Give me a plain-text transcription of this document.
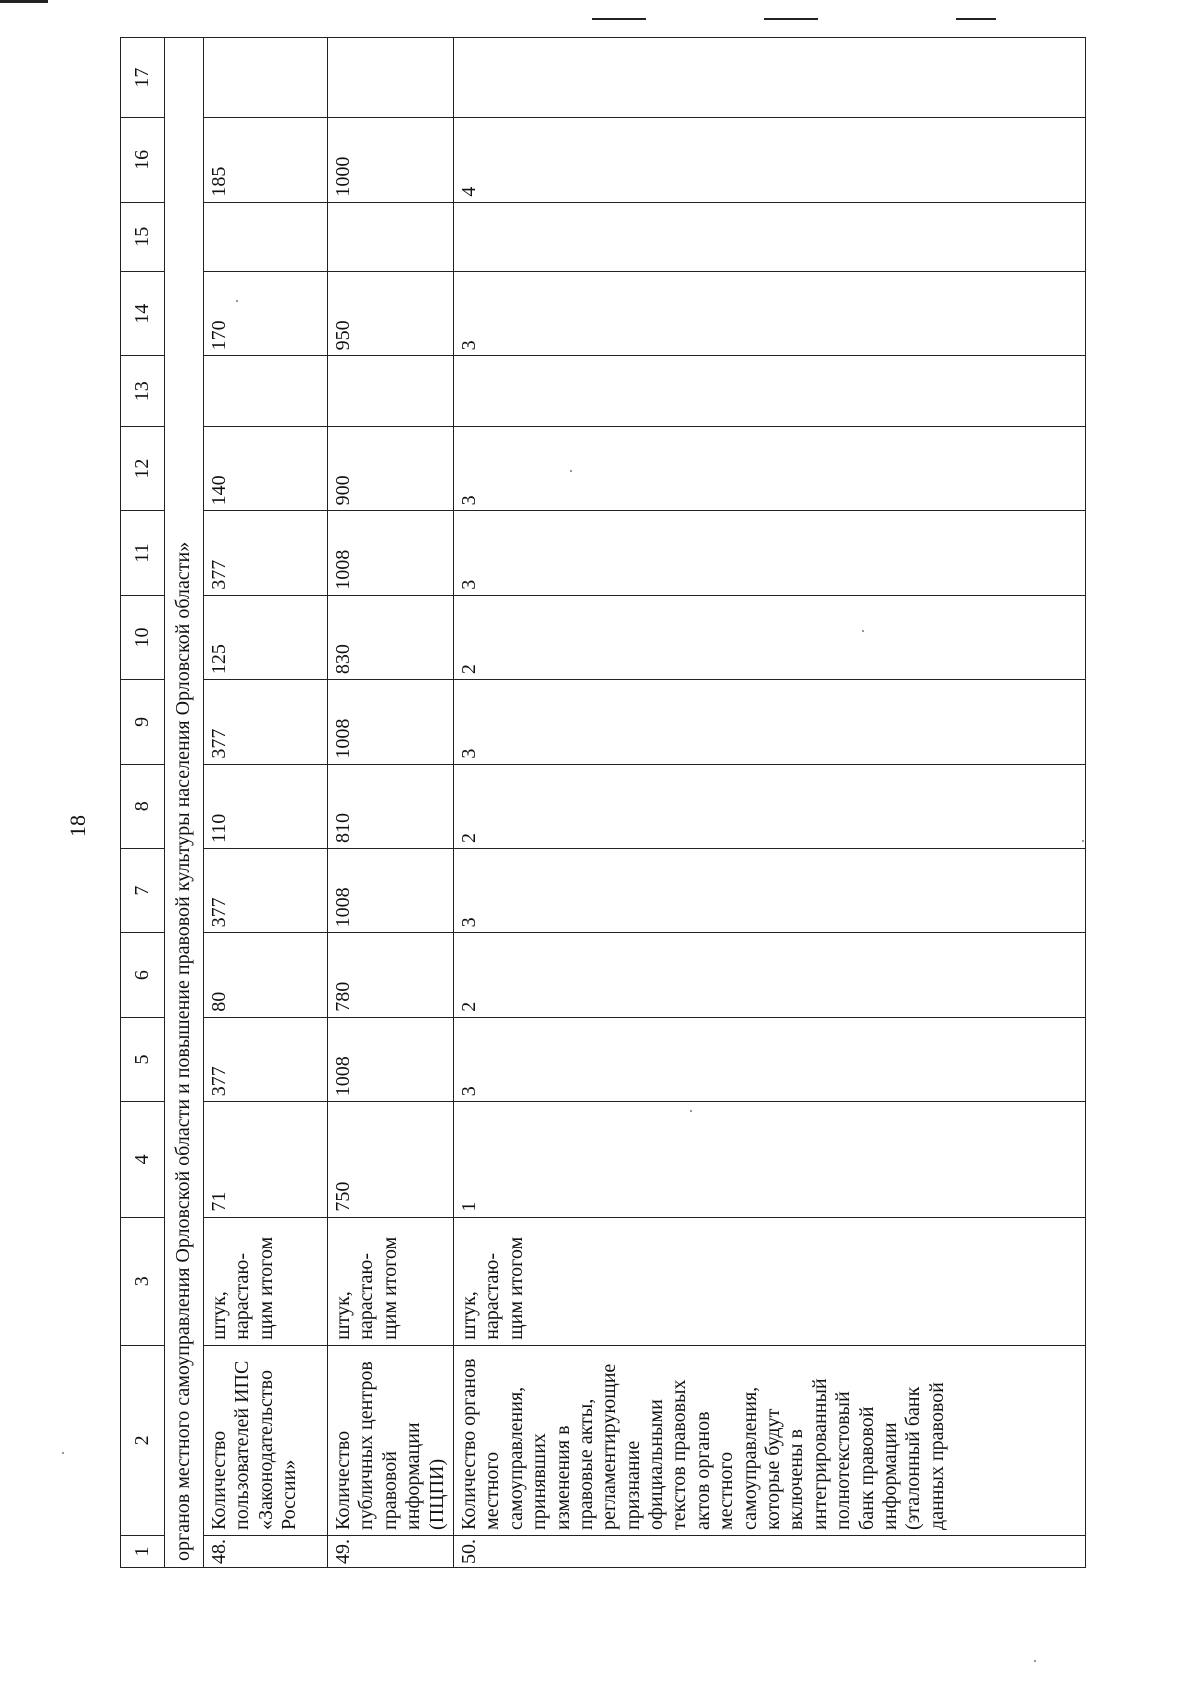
18
1	2	3	4	5	6	7	8	9	10	11	12	13	14	15	16	17
органов местного самоуправления Орловской области и повышение правовой культуры населения Орловской области»																
48.	Количество пользователей ИПС «Законодательство России»	штук, нарастаю-щим итогом	71	377	80	377	110	377	125	377	140		170		185	
49.	Количество публичных центров правовой информации (ПЦПИ)	штук, нарастаю-щим итогом	750	1008	780	1008	810	1008	830	1008	900		950		1000	
50.	Количество органов местного самоуправления, принявших изменения в правовые акты, регламентирующие признание официальными текстов правовых актов органов местного самоуправления, которые будут включены в интегрированный полнотекстовый банк правовой информации (эталонный банк данных правовой	штук, нарастаю-щим итогом	1	3	2	3	2	3	2	3	3		3		4	
